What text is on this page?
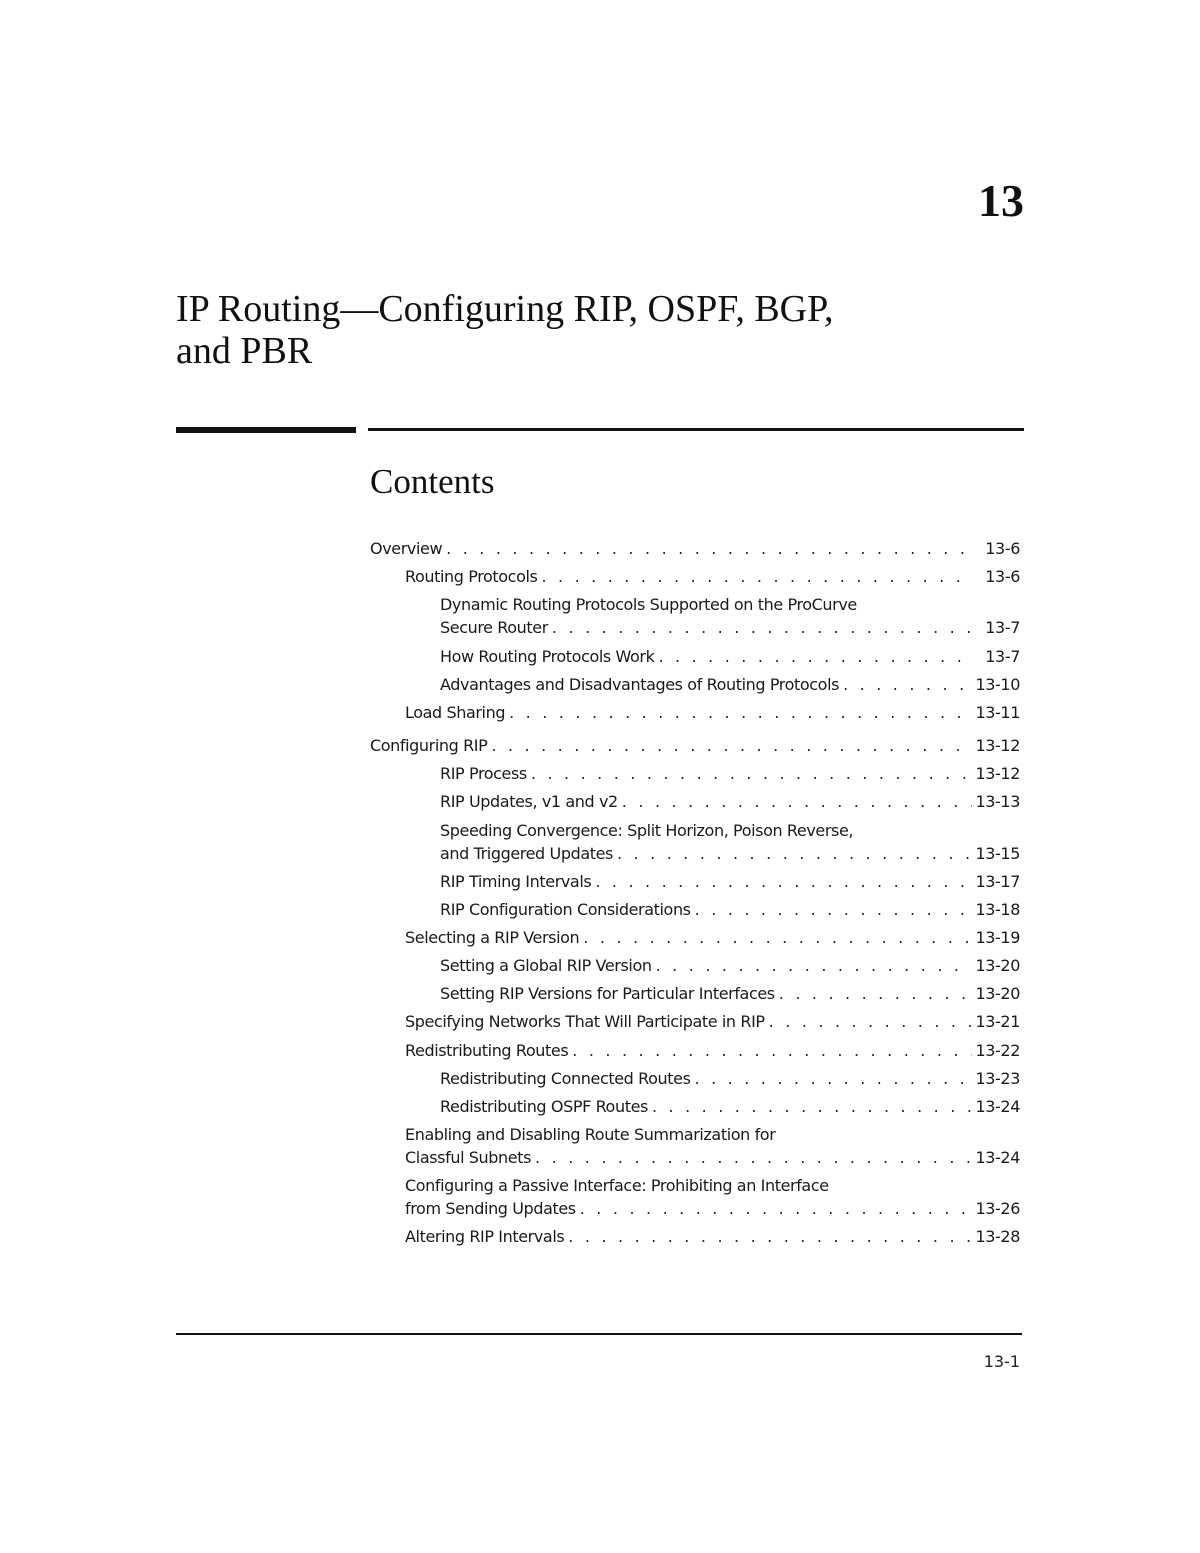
13
IP Routing—Configuring RIP, OSPF, BGP,
and PBR
Contents
Overview . . .	13-6
Routing Protocols . . .	13-6
Dynamic Routing Protocols Supported on the ProCurve
Secure Router . . .	13-7
How Routing Protocols Work . . .	13-7
Advantages and Disadvantages of Routing Protocols . . .	13-10
Load Sharing . . .	13-11
Configuring RIP . . .	13-12
RIP Process . . .	13-12
RIP Updates, v1 and v2 . . .	13-13
Speeding Convergence: Split Horizon, Poison Reverse,
and Triggered Updates . . .	13-15
RIP Timing Intervals . . .	13-17
RIP Configuration Considerations . . .	13-18
Selecting a RIP Version . . .	13-19
Setting a Global RIP Version . . .	13-20
Setting RIP Versions for Particular Interfaces . . .	13-20
Specifying Networks That Will Participate in RIP . . .	13-21
Redistributing Routes . . .	13-22
Redistributing Connected Routes . . .	13-23
Redistributing OSPF Routes . . .	13-24
Enabling and Disabling Route Summarization for
Classful Subnets . . .	13-24
Configuring a Passive Interface: Prohibiting an Interface
from Sending Updates . . .	13-26
Altering RIP Intervals . . .	13-28
13-1
